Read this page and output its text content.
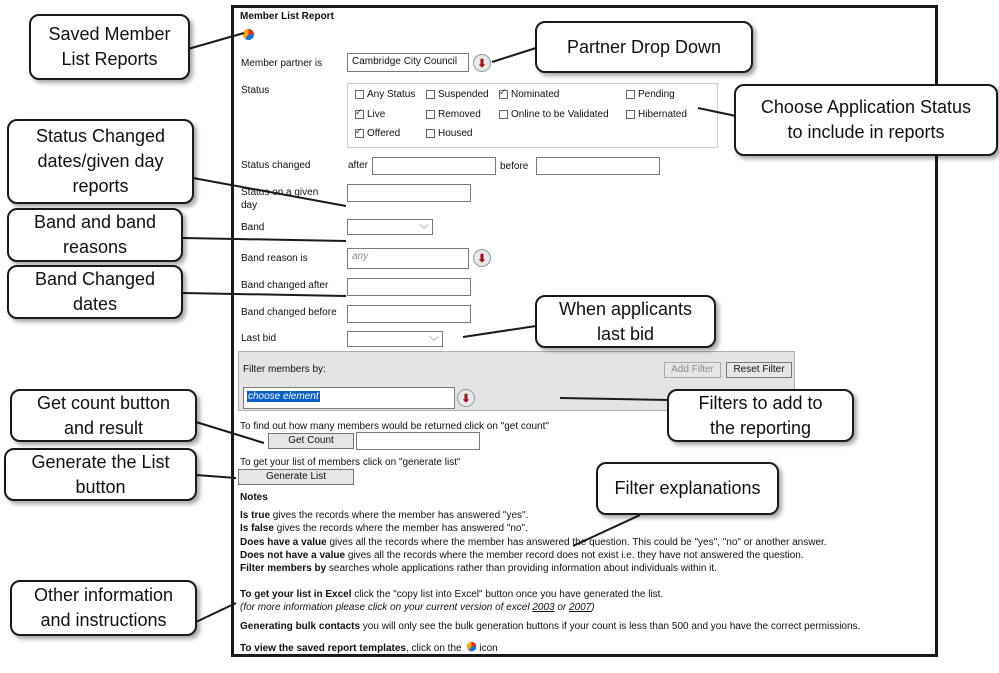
Member List Report
Member partner is	Cambridge City Council	⬇
Status	Any Status Suspended
✓ Nominated	Pending
✓
Live	Removed	Online to be Validated	Hibernated
✓
Offered	Housed
Status changed	after	before
Status on a given day
Band	﹀
Band reason is	any	⬇
Band changed after
Band changed before
Last bid	﹀
Filter members by:	Add Filter	Reset Filter
choose element	⬇
To find out how many members would be returned click on "get count"
Get Count
To get your list of members click on "generate list"
Generate List
Notes
Is true gives the records where the member has answered "yes".
Is false gives the records where the member has answered "no".
Does have a value gives all the records where the member has answered the question. This could be "yes", "no" or another answer.
Does not have a value gives all the records where the member record does not exist i.e. they have not answered the question.
Filter members by searches whole applications rather than providing information about individuals within it.
To get your list in Excel click the "copy list into Excel" button once you have generated the list.
(for more information please click on your current version of excel 2003 or 2007)
Generating bulk contacts you will only see the bulk generation buttons if your count is less than 500 and you have the correct permissions.
To view the saved report templates, click on the icon
Saved Member
List Reports
Partner Drop Down
Choose Application Status
to include in reports
Status Changed
dates/given day
reports
Band and band
reasons
Band Changed
dates	When applicants
last bid
Filters to add to
the reporting
Get count button
and result
Generate the List
button	Filter explanations
Other information
and instructions
